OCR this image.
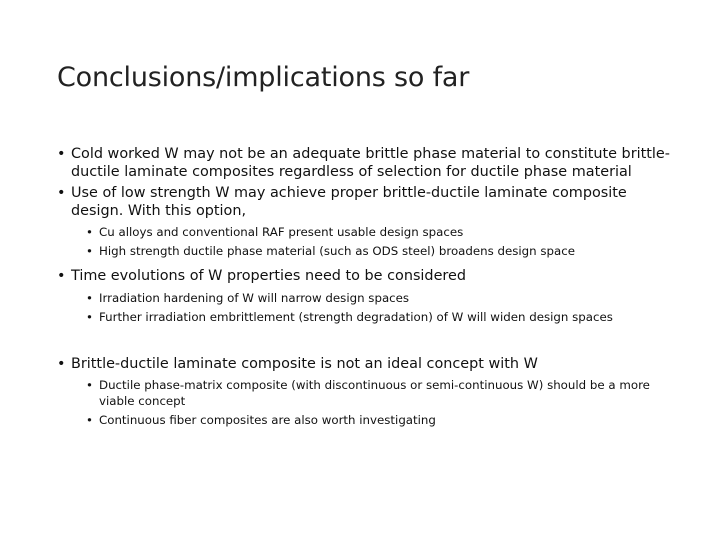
Conclusions/implications so far
• Cold worked W may not be an adequate brittle phase material to constitute brittle-ductile laminate composites regardless of selection for ductile phase material
• Use of low strength W may achieve proper brittle-ductile laminate composite design. With this option,
• Cu alloys and conventional RAF present usable design spaces
• High strength ductile phase material (such as ODS steel) broadens design space
• Time evolutions of W properties need to be considered
• Irradiation hardening of W will narrow design spaces
• Further irradiation embrittlement (strength degradation) of W will widen design spaces
• Brittle-ductile laminate composite is not an ideal concept with W
• Ductile phase-matrix composite (with discontinuous or semi-continuous W) should be a more viable concept
• Continuous fiber composites are also worth investigating
